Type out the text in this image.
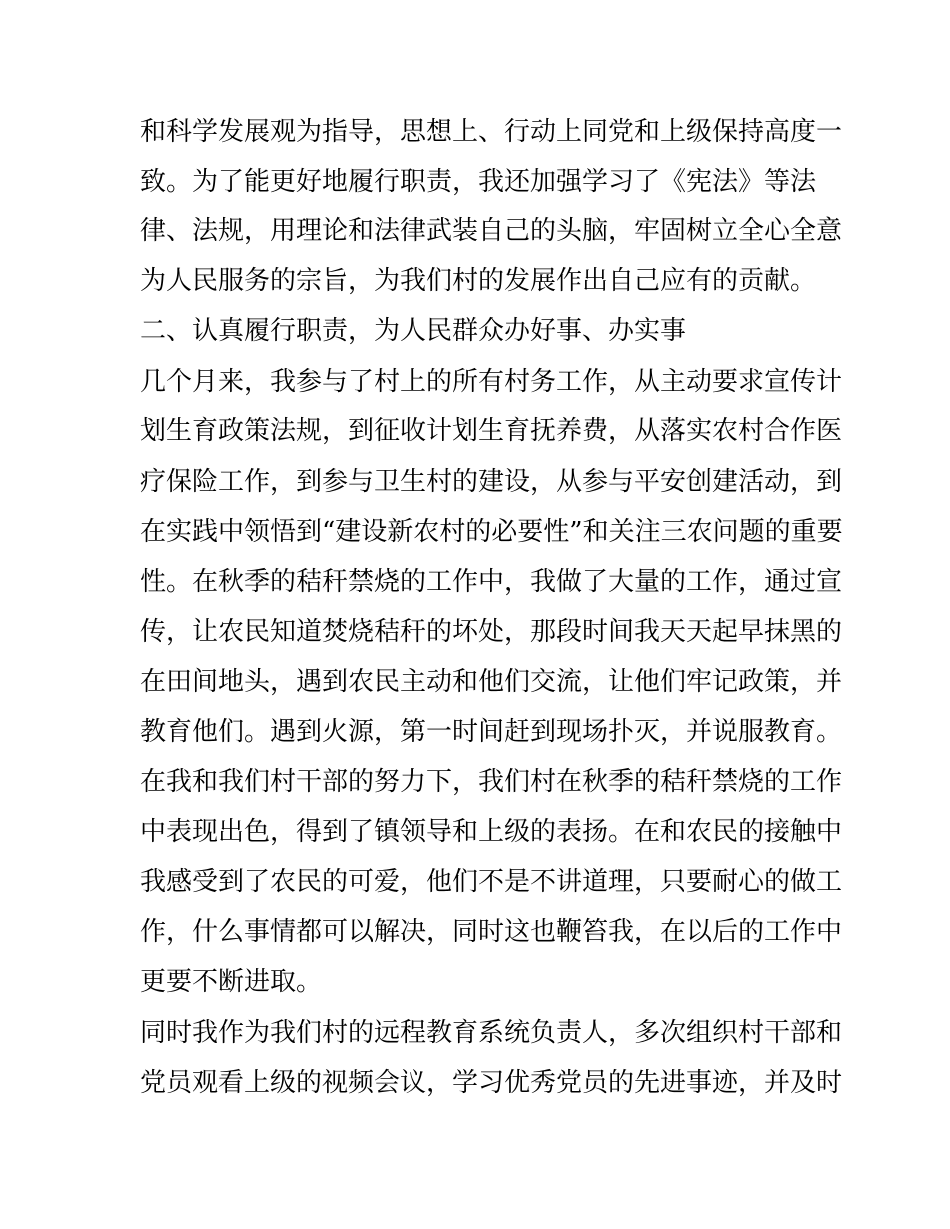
和科学发展观为指导，思想上、行动上同党和上级保持高度一
致。为了能更好地履行职责，我还加强学习了《宪法》等法
律、法规，用理论和法律武装自己的头脑，牢固树立全心全意
为人民服务的宗旨，为我们村的发展作出自己应有的贡献。
二、认真履行职责，为人民群众办好事、办实事
几个月来，我参与了村上的所有村务工作，从主动要求宣传计
划生育政策法规，到征收计划生育抚养费，从落实农村合作医
疗保险工作，到参与卫生村的建设，从参与平安创建活动，到
在实践中领悟到“建设新农村的必要性”和关注三农问题的重要
性。在秋季的秸秆禁烧的工作中，我做了大量的工作，通过宣
传，让农民知道焚烧秸秆的坏处，那段时间我天天起早抹黑的
在田间地头，遇到农民主动和他们交流，让他们牢记政策，并
教育他们。遇到火源，第一时间赶到现场扑灭，并说服教育。
在我和我们村干部的努力下，我们村在秋季的秸秆禁烧的工作
中表现出色，得到了镇领导和上级的表扬。在和农民的接触中
我感受到了农民的可爱，他们不是不讲道理，只要耐心的做工
作，什么事情都可以解决，同时这也鞭笞我，在以后的工作中
更要不断进取。
同时我作为我们村的远程教育系统负责人，多次组织村干部和
党员观看上级的视频会议，学习优秀党员的先进事迹，并及时
